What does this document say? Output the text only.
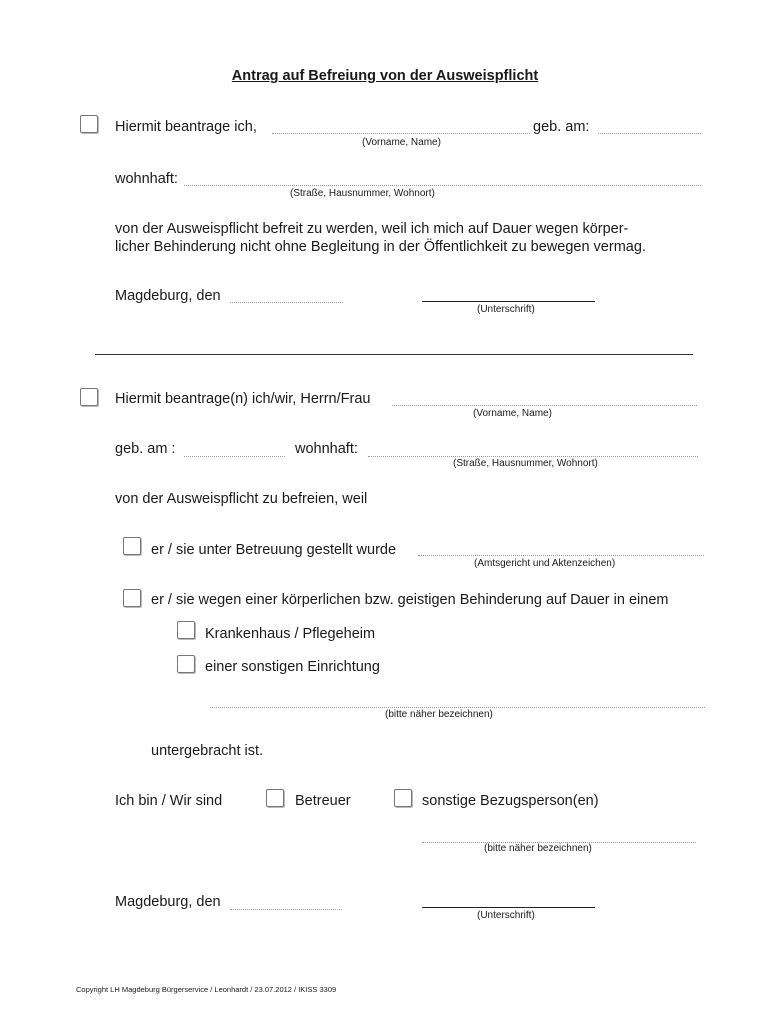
Antrag auf Befreiung von der Ausweispflicht
Hiermit beantrage ich,
(Vorname, Name)
geb. am:
wohnhaft:
(Straße, Hausnummer, Wohnort)
von der Ausweispflicht befreit zu werden, weil ich mich auf Dauer wegen körper-
licher Behinderung nicht ohne Begleitung in der Öffentlichkeit zu bewegen vermag.
Magdeburg, den
(Unterschrift)
Hiermit beantrage(n) ich/wir, Herrn/Frau
(Vorname, Name)
geb. am :	wohnhaft:
(Straße, Hausnummer, Wohnort)
von der Ausweispflicht zu befreien, weil
er / sie unter Betreuung gestellt wurde
(Amtsgericht und Aktenzeichen)
er / sie wegen einer körperlichen bzw. geistigen Behinderung auf Dauer in einem
Krankenhaus / Pflegeheim
einer sonstigen Einrichtung
(bitte näher bezeichnen)
untergebracht ist.
Ich bin / Wir sind	Betreuer	sonstige Bezugsperson(en)
(bitte näher bezeichnen)
Magdeburg, den
(Unterschrift)
Copyright LH Magdeburg Bürgerservice / Leonhardt / 23.07.2012 / IKISS 3309
